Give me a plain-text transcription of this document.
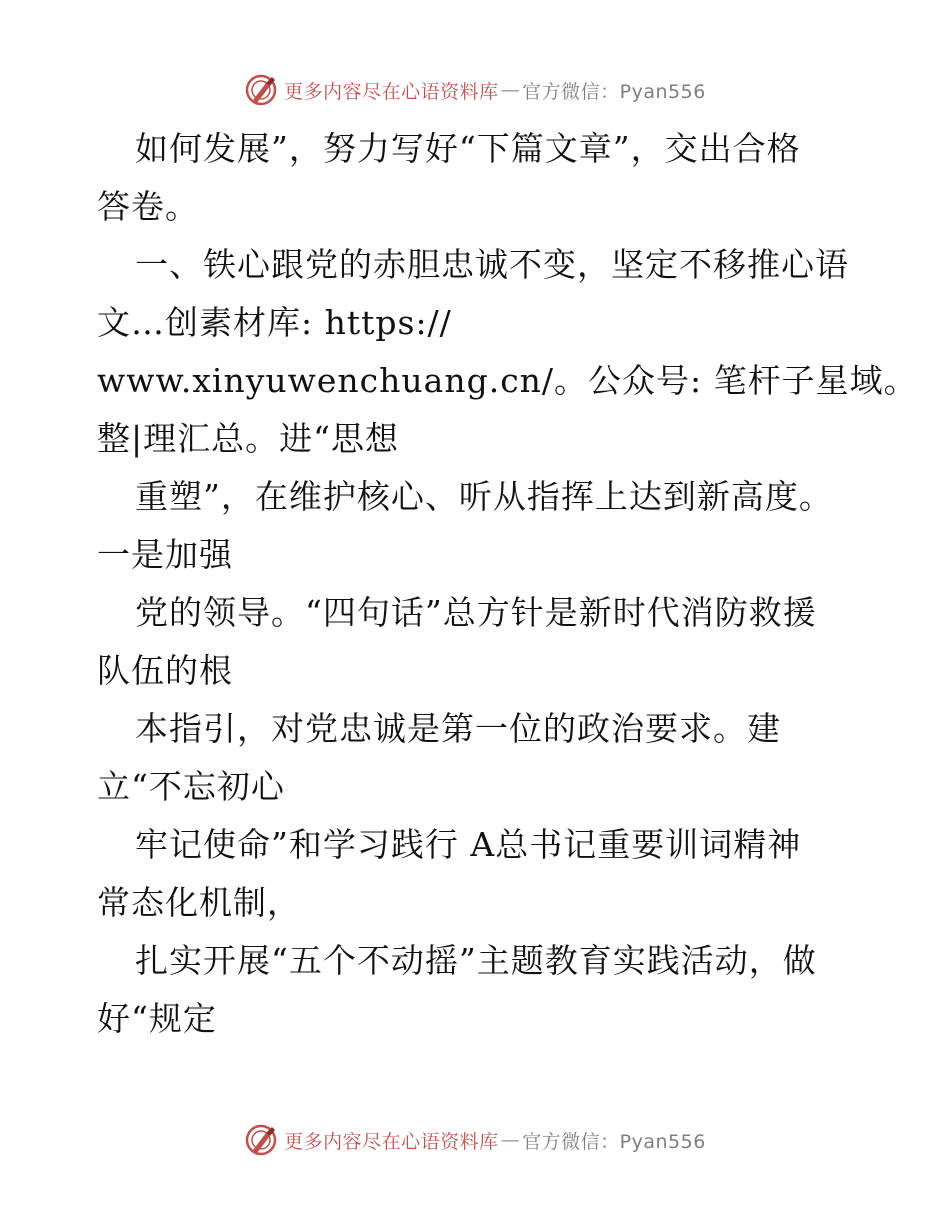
更多内容尽在心语资料库 — 官方微信：Pyan556
如何发展”，努力写好“下篇文章”，交出合格
答卷。
一、铁心跟党的赤胆忠诚不变，坚定不移推心语
文…创素材库: https://
www.xinyuwenchuang.cn/。公众号: 笔杆子星域。
整|理汇总。进“思想
重塑”，在维护核心、听从指挥上达到新高度。
一是加强
党的领导。“四句话”总方针是新时代消防救援
队伍的根
本指引，对党忠诚是第一位的政治要求。建
立“不忘初心
牢记使命”和学习践行 A总书记重要训词精神
常态化机制，
扎实开展“五个不动摇”主题教育实践活动，做
好“规定
更多内容尽在心语资料库 — 官方微信：Pyan556
